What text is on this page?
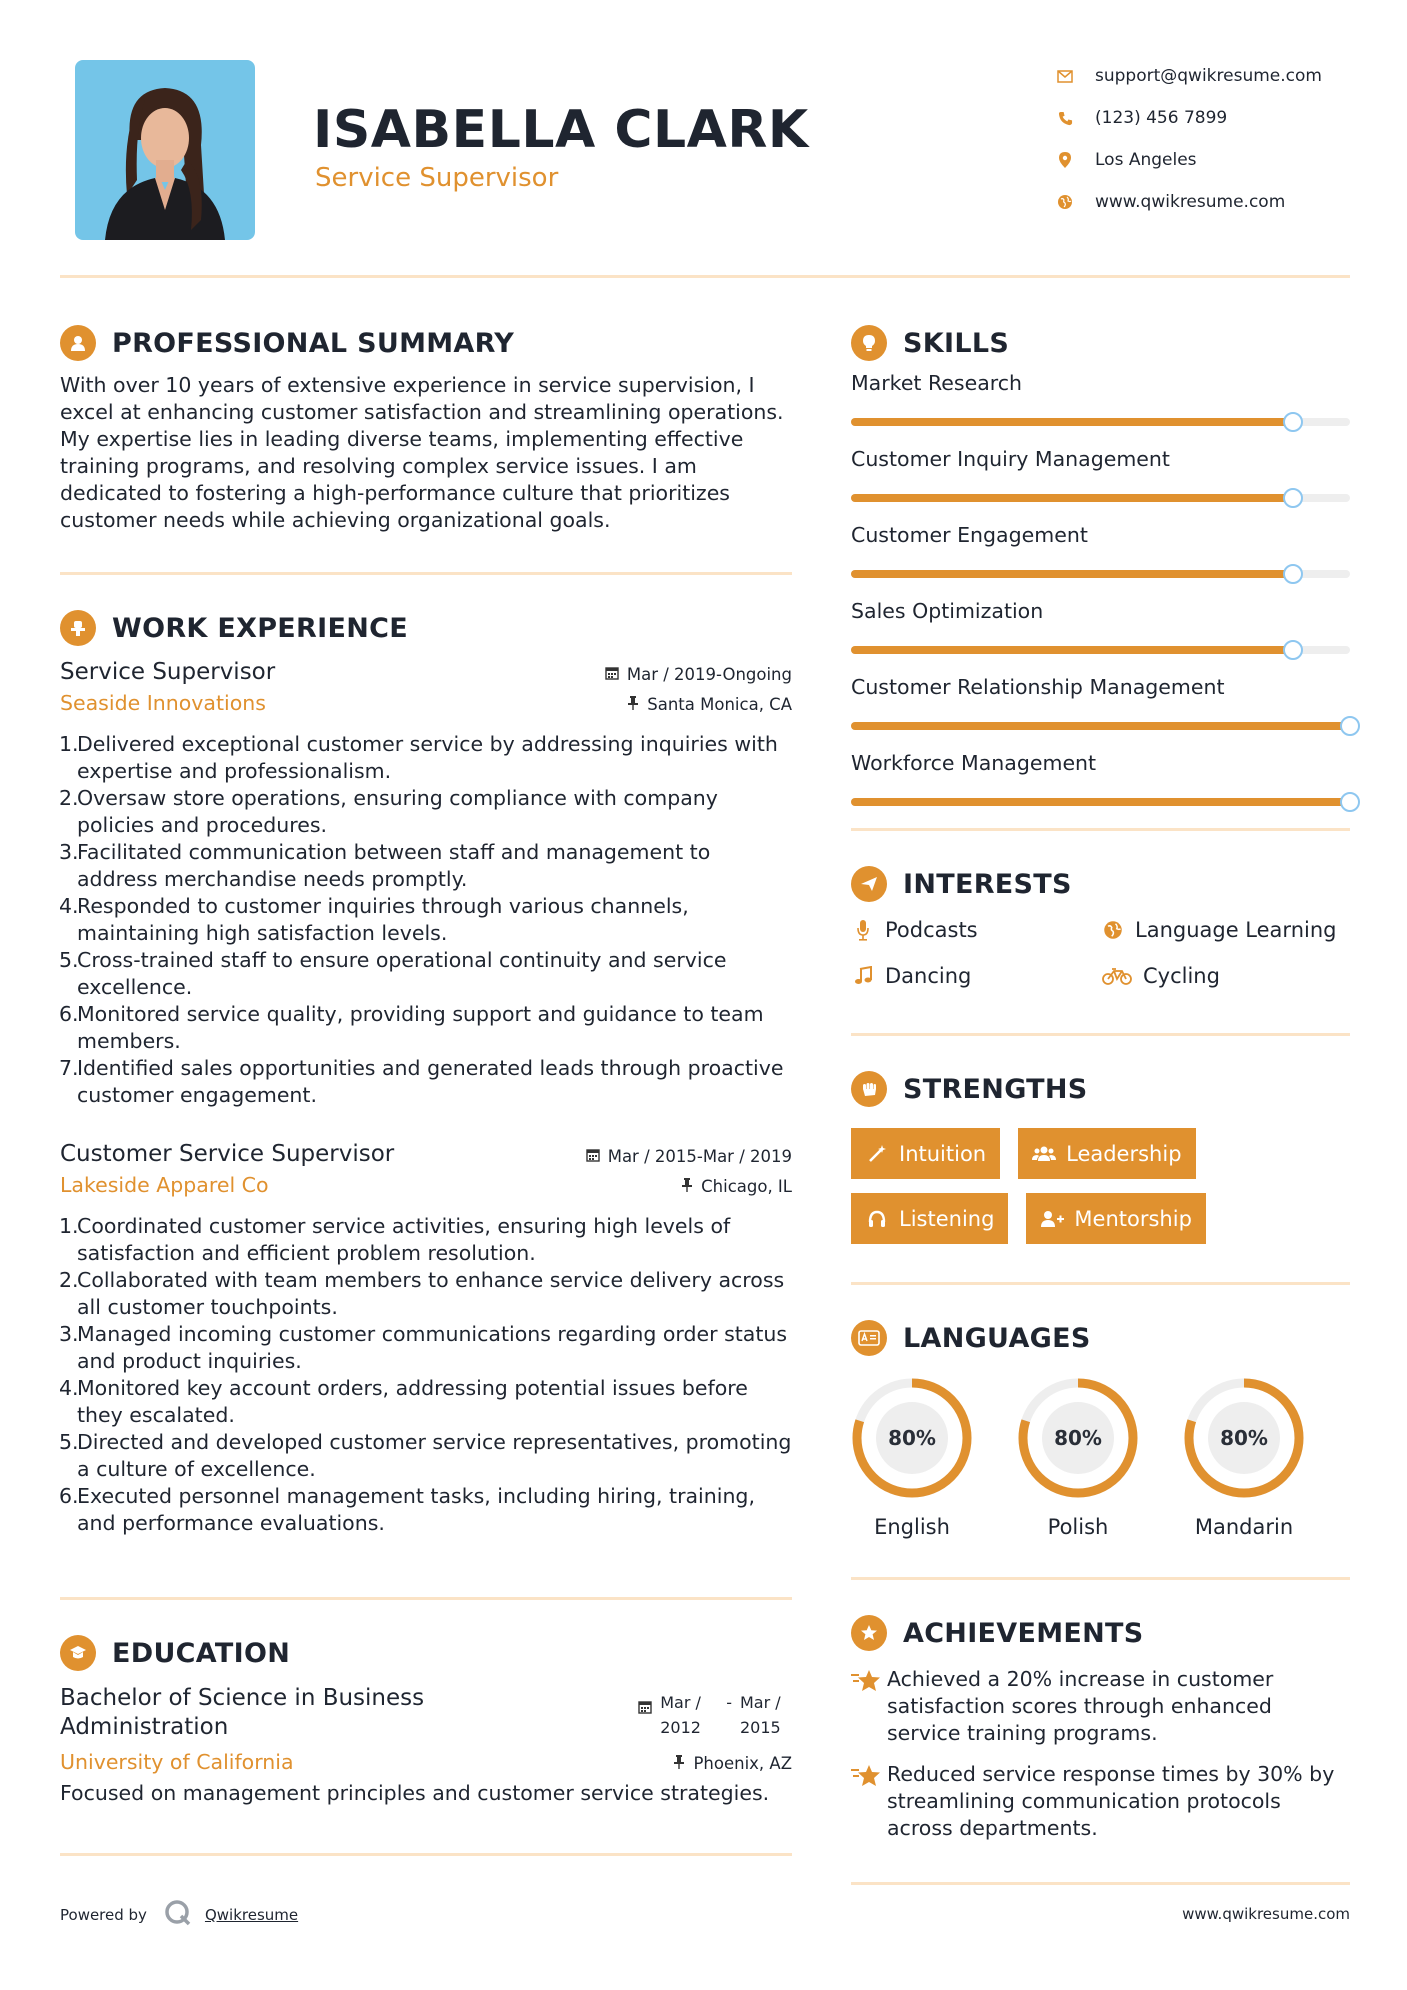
ISABELLA CLARK
Service Supervisor
support@qwikresume.com
(123) 456 7899
Los Angeles
www.qwikresume.com
PROFESSIONAL SUMMARY

With over 10 years of extensive experience in service supervision, I excel at enhancing customer satisfaction and streamlining operations. My expertise lies in leading diverse teams, implementing effective training programs, and resolving complex service issues. I am dedicated to fostering a high-performance culture that prioritizes customer needs while achieving organizational goals.

WORK EXPERIENCE
Service Supervisor	Mar / 2019-Ongoing
Seaside Innovations	Santa Monica, CA
1.
Delivered exceptional customer service by addressing inquiries with expertise and professionalism.
2.
Oversaw store operations, ensuring compliance with company policies and procedures.
3.
Facilitated communication between staff and management to address merchandise needs promptly.
4.
Responded to customer inquiries through various channels, maintaining high satisfaction levels.
5.
Cross-trained staff to ensure operational continuity and service excellence.
6.
Monitored service quality, providing support and guidance to team members.
7.
Identified sales opportunities and generated leads through proactive customer engagement.
Customer Service Supervisor	Mar / 2015-Mar / 2019
Lakeside Apparel Co	Chicago, IL
1.
Coordinated customer service activities, ensuring high levels of satisfaction and efficient problem resolution.
2.
Collaborated with team members to enhance service delivery across all customer touchpoints.
3.
Managed incoming customer communications regarding order status and product inquiries.
4.
Monitored key account orders, addressing potential issues before they escalated.
5.
Directed and developed customer service representatives, promoting a culture of excellence.
6.
Executed personnel management tasks, including hiring, training, and performance evaluations.
EDUCATION
Bachelor of Science in Business Administration
Mar / 2012
- Mar / 2015
University of California	Phoenix, AZ

Focused on management principles and customer service strategies.

SKILLS
Market Research
Customer Inquiry Management
Customer Engagement
Sales Optimization
Customer Relationship Management
Workforce Management
INTERESTS
Podcasts	Language Learning
Dancing	Cycling
STRENGTHS
Intuition	Leadership
Listening	Mentorship
LANGUAGES
80%
English
80%
Polish
80%
Mandarin
ACHIEVEMENTS
Achieved a 20% increase in customer satisfaction scores through enhanced service training programs.
Reduced service response times by 30% by streamlining communication protocols across departments.
Powered by	Qwikresume	www.qwikresume.com
